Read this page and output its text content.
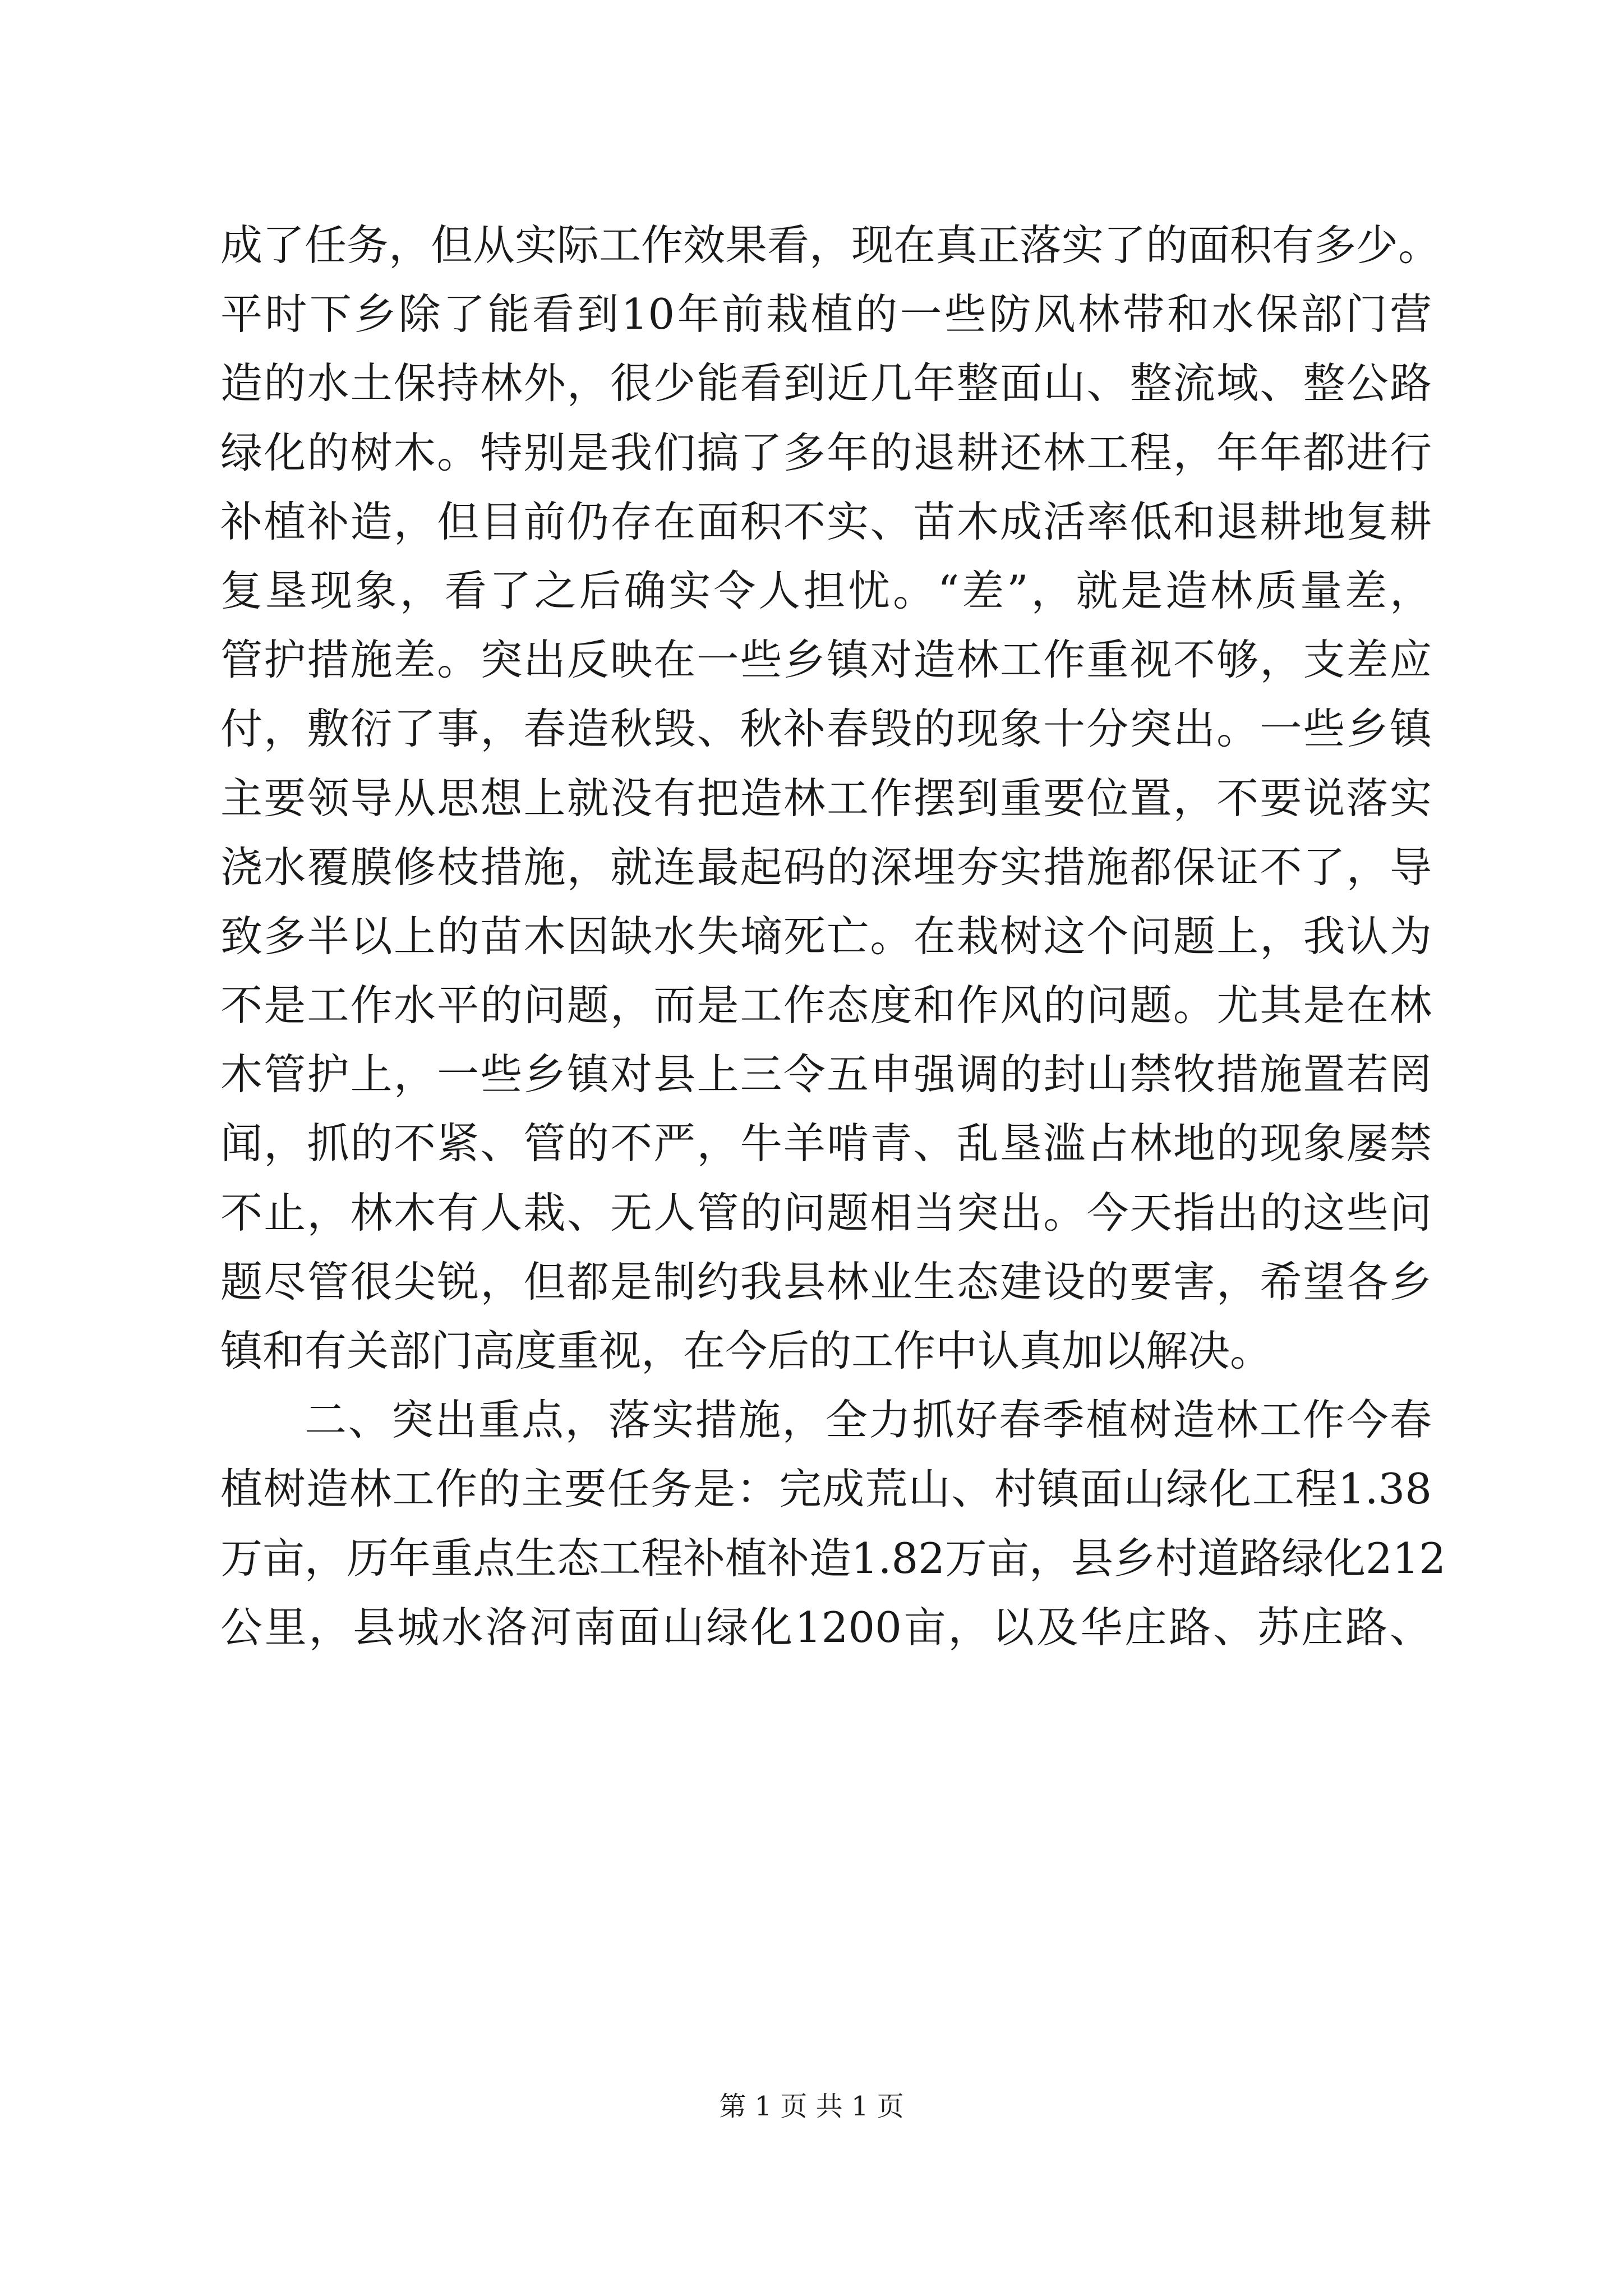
成了任务，但从实际工作效果看，现在真正落实了的面积有多少。
平时下乡除了能看到10年前栽植的一些防风林带和水保部门营
造的水土保持林外，很少能看到近几年整面山、整流域、整公路
绿化的树木。特别是我们搞了多年的退耕还林工程，年年都进行
补植补造，但目前仍存在面积不实、苗木成活率低和退耕地复耕
复垦现象，看了之后确实令人担忧。“差”，就是造林质量差，
管护措施差。突出反映在一些乡镇对造林工作重视不够，支差应
付，敷衍了事，春造秋毁、秋补春毁的现象十分突出。一些乡镇
主要领导从思想上就没有把造林工作摆到重要位置，不要说落实
浇水覆膜修枝措施，就连最起码的深埋夯实措施都保证不了，导
致多半以上的苗木因缺水失墒死亡。在栽树这个问题上，我认为
不是工作水平的问题，而是工作态度和作风的问题。尤其是在林
木管护上，一些乡镇对县上三令五申强调的封山禁牧措施置若罔
闻，抓的不紧、管的不严，牛羊啃青、乱垦滥占林地的现象屡禁
不止，林木有人栽、无人管的问题相当突出。今天指出的这些问
题尽管很尖锐，但都是制约我县林业生态建设的要害，希望各乡
镇和有关部门高度重视，在今后的工作中认真加以解决。
二、突出重点，落实措施，全力抓好春季植树造林工作今春
植树造林工作的主要任务是：完成荒山、村镇面山绿化工程1.38
万亩，历年重点生态工程补植补造1.82万亩，县乡村道路绿化212
公里，县城水洛河南面山绿化1200亩，以及华庄路、苏庄路、
第 1 页 共 1 页
